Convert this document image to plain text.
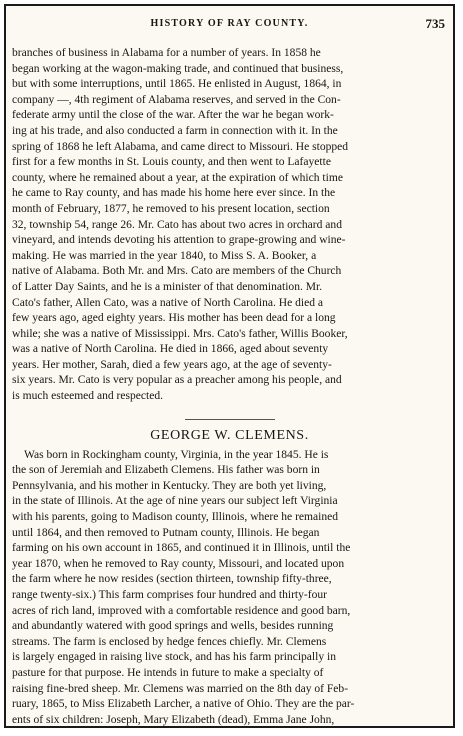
HISTORY OF RAY COUNTY.	735

branches of business in Alabama for a number of years. In 1858 he
began working at the wagon-making trade, and continued that business,
but with some interruptions, until 1865. He enlisted in August, 1864, in
company —, 4th regiment of Alabama reserves, and served in the Con-
federate army until the close of the war. After the war he began work-
ing at his trade, and also conducted a farm in connection with it. In the
spring of 1868 he left Alabama, and came direct to Missouri. He stopped
first for a few months in St. Louis county, and then went to Lafayette
county, where he remained about a year, at the expiration of which time
he came to Ray county, and has made his home here ever since. In the
month of February, 1877, he removed to his present location, section
32, township 54, range 26. Mr. Cato has about two acres in orchard and
vineyard, and intends devoting his attention to grape-growing and wine-
making. He was married in the year 1840, to Miss S. A. Booker, a
native of Alabama. Both Mr. and Mrs. Cato are members of the Church
of Latter Day Saints, and he is a minister of that denomination. Mr.
Cato's father, Allen Cato, was a native of North Carolina. He died a
few years ago, aged eighty years. His mother has been dead for a long
while; she was a native of Mississippi. Mrs. Cato's father, Willis Booker,
was a native of North Carolina. He died in 1866, aged about seventy
years. Her mother, Sarah, died a few years ago, at the age of seventy-
six years. Mr. Cato is very popular as a preacher among his people, and
is much esteemed and respected.

GEORGE W. CLEMENS.

Was born in Rockingham county, Virginia, in the year 1845. He is
the son of Jeremiah and Elizabeth Clemens. His father was born in
Pennsylvania, and his mother in Kentucky. They are both yet living,
in the state of Illinois. At the age of nine years our subject left Virginia
with his parents, going to Madison county, Illinois, where he remained
until 1864, and then removed to Putnam county, Illinois. He began
farming on his own account in 1865, and continued it in Illinois, until the
year 1870, when he removed to Ray county, Missouri, and located upon
the farm where he now resides (section thirteen, township fifty-three,
range twenty-six.) This farm comprises four hundred and thirty-four
acres of rich land, improved with a comfortable residence and good barn,
and abundantly watered with good springs and wells, besides running
streams. The farm is enclosed by hedge fences chiefly. Mr. Clemens
is largely engaged in raising live stock, and has his farm principally in
pasture for that purpose. He intends in future to make a specialty of
raising fine-bred sheep. Mr. Clemens was married on the 8th day of Feb-
ruary, 1865, to Miss Elizabeth Larcher, a native of Ohio. They are the par-
ents of six children: Joseph, Mary Elizabeth (dead), Emma Jane John,
